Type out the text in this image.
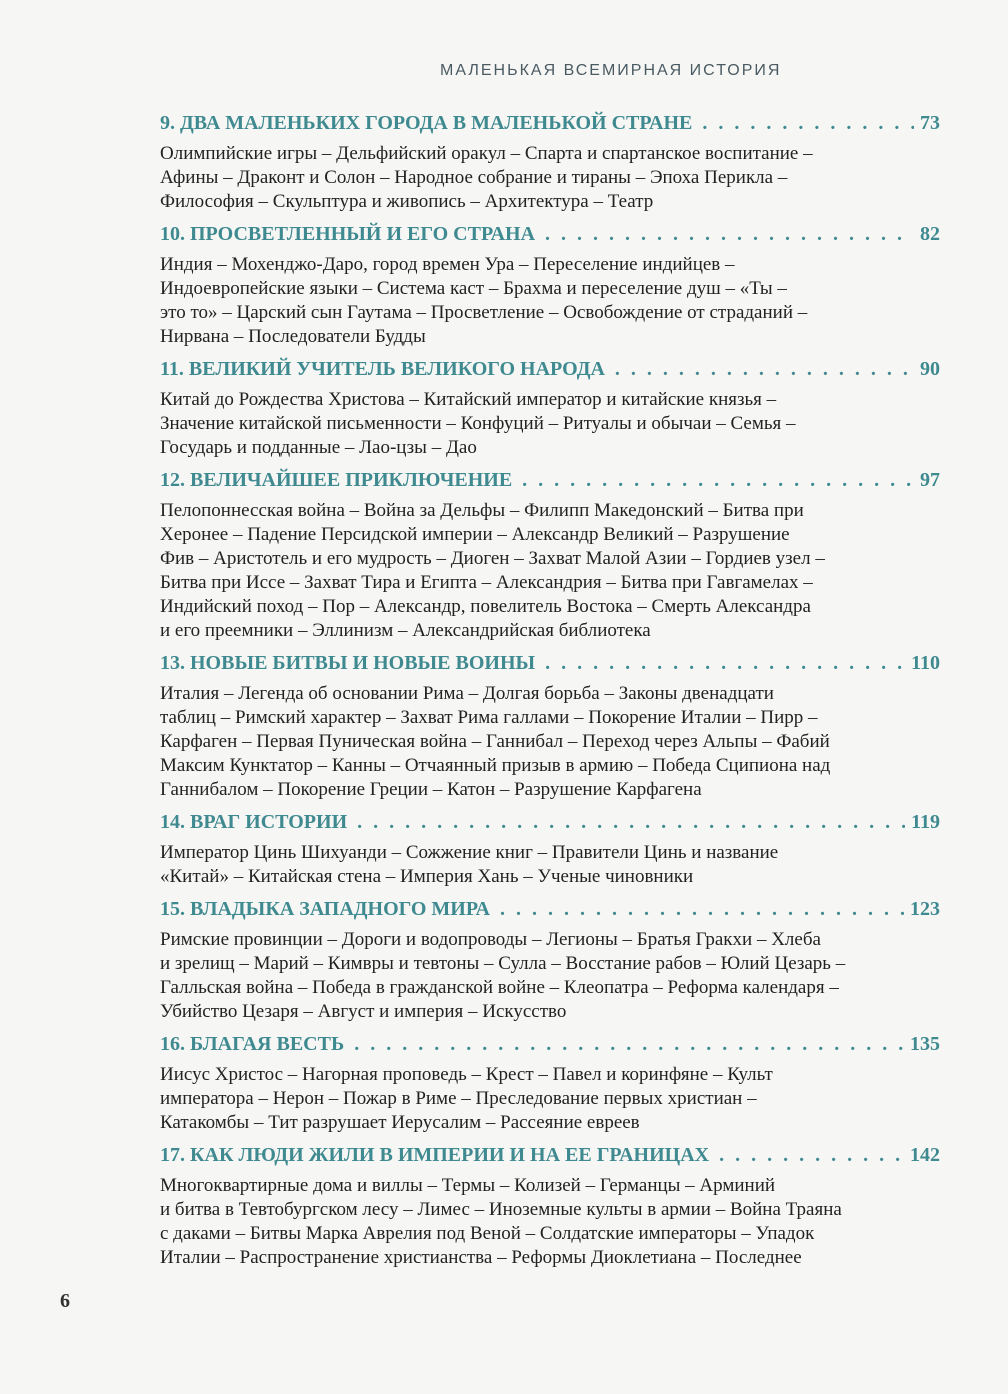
МАЛЕНЬКАЯ ВСЕМИРНАЯ ИСТОРИЯ
9. ДВА МАЛЕНЬКИХ ГОРОДА В МАЛЕНЬКОЙ СТРАНЕ . . .	73
Олимпийские игры – Дельфийский оракул – Спарта и спартанское воспитание –
Афины – Драконт и Солон – Народное собрание и тираны – Эпоха Перикла –
Философия – Скульптура и живопись – Архитектура – Театр
10. ПРОСВЕТЛЕННЫЙ И ЕГО СТРАНА . . .	82
Индия – Мохенджо-Даро, город времен Ура – Переселение индийцев –
Индоевропейские языки – Система каст – Брахма и переселение душ – «Ты –
это то» – Царский сын Гаутама – Просветление – Освобождение от страданий –
Нирвана – Последователи Будды
11. ВЕЛИКИЙ УЧИТЕЛЬ ВЕЛИКОГО НАРОДА . . .	90
Китай до Рождества Христова – Китайский император и китайские князья –
Значение китайской письменности – Конфуций – Ритуалы и обычаи – Семья –
Государь и подданные – Лао-цзы – Дао
12. ВЕЛИЧАЙШЕЕ ПРИКЛЮЧЕНИЕ . . .	97
Пелопоннесская война – Война за Дельфы – Филипп Македонский – Битва при
Херонее – Падение Персидской империи – Александр Великий – Разрушение
Фив – Аристотель и его мудрость – Диоген – Захват Малой Азии – Гордиев узел –
Битва при Иссе – Захват Тира и Египта – Александрия – Битва при Гавгамелах –
Индийский поход – Пор – Александр, повелитель Востока – Смерть Александра
и его преемники – Эллинизм – Александрийская библиотека
13. НОВЫЕ БИТВЫ И НОВЫЕ ВОИНЫ . . .	110
Италия – Легенда об основании Рима – Долгая борьба – Законы двенадцати
таблиц – Римский характер – Захват Рима галлами – Покорение Италии – Пирр –
Карфаген – Первая Пуническая война – Ганнибал – Переход через Альпы – Фабий
Максим Кунктатор – Канны – Отчаянный призыв в армию – Победа Сципиона над
Ганнибалом – Покорение Греции – Катон – Разрушение Карфагена
14. ВРАГ ИСТОРИИ . . .	119
Император Цинь Шихуанди – Сожжение книг – Правители Цинь и название
«Китай» – Китайская стена – Империя Хань – Ученые чиновники
15. ВЛАДЫКА ЗАПАДНОГО МИРА . . .	123
Римские провинции – Дороги и водопроводы – Легионы – Братья Гракхи – Хлеба
и зрелищ – Марий – Кимвры и тевтоны – Сулла – Восстание рабов – Юлий Цезарь –
Галльская война – Победа в гражданской войне – Клеопатра – Реформа календаря –
Убийство Цезаря – Август и империя – Искусство
16. БЛАГАЯ ВЕСТЬ . . .	135
Иисус Христос – Нагорная проповедь – Крест – Павел и коринфяне – Культ
императора – Нерон – Пожар в Риме – Преследование первых христиан –
Катакомбы – Тит разрушает Иерусалим – Рассеяние евреев
17. КАК ЛЮДИ ЖИЛИ В ИМПЕРИИ И НА ЕЕ ГРАНИЦАХ . . .	142
Многоквартирные дома и виллы – Термы – Колизей – Германцы – Арминий
и битва в Тевтобургском лесу – Лимес – Иноземные культы в армии – Война Траяна
с даками – Битвы Марка Аврелия под Веной – Солдатские императоры – Упадок
Италии – Распространение христианства – Реформы Диоклетиана – Последнее
6
